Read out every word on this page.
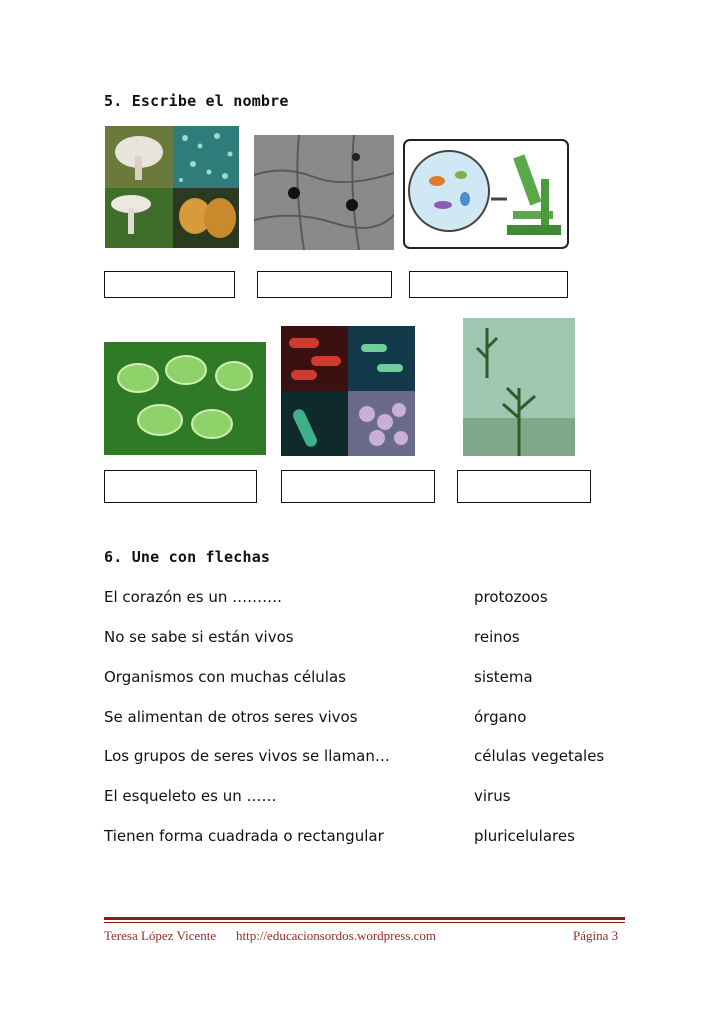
5. Escribe el nombre
6. Une con flechas
El corazón es un ……….
No se sabe si están vivos
Organismos con muchas células
Se alimentan de otros seres vivos
Los grupos de seres vivos se llaman…
El esqueleto es un ……
Tienen forma cuadrada o rectangular
protozoos
reinos
sistema
órgano
células vegetales
virus
pluricelulares
Teresa López Vicente http://educacionsordos.wordpress.com	Página 3
